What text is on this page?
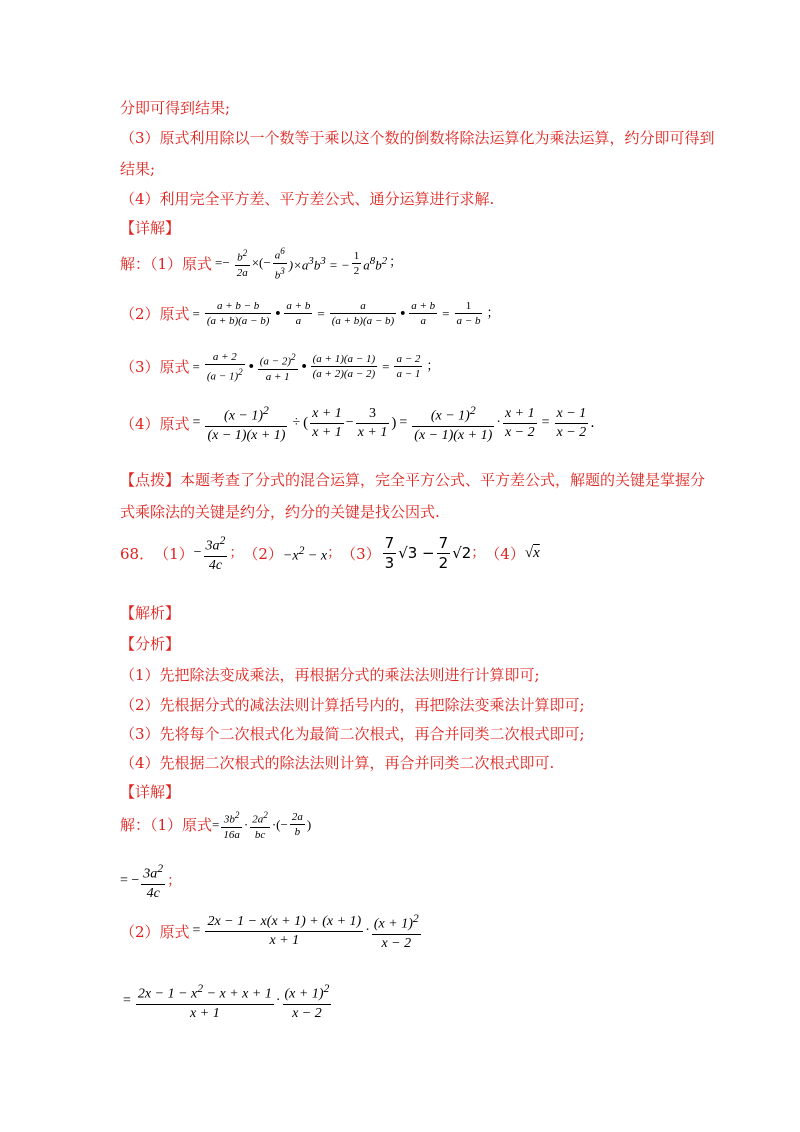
分即可得到结果;
（3）原式利用除以一个数等于乘以这个数的倒数将除法运算化为乘法运算，约分即可得到
结果;
（4）利用完全平方差、平方差公式、通分运算进行求解.
【详解】
解：（1）原式 =− $\frac{b^2}{2a}$ ×(− $\frac{a^6}{b^3} )\times a^3b^3$ = − $\frac{1}{2} a^8b^2$ ；
（2）原式 = $\frac{a + b - b}{(a + b)(a - b)}$ • $\frac{a + b}{a} = \frac{a}{(a + b)(a - b)}$ • $\frac{a + b}{a} = \frac{1}{a - b}$ ；
（3）原式 = $\frac{a + 2}{(a - 1)^2}$ • $\frac{(a - 2)^2}{a + 1}$ • $\frac{(a + 1)(a - 1)}{(a + 2)(a - 2)} = \frac{a - 2}{a - 1}$ ；
（4）原式 = $\frac{(x - 1)^2}{(x - 1)(x + 1)}$ ÷ ( $\frac{x + 1}{x + 1} - \frac{3}{x + 1}$ ) = $\frac{(x - 1)^2}{(x - 1)(x + 1)} \cdot \frac{x + 1}{x - 2} = \frac{x - 1}{x - 2}$ .
【点拨】本题考查了分式的混合运算，完全平方公式、平方差公式，解题的关键是掌握分
式乘除法的关键是约分，约分的关键是找公因式.
68． $(1) - \frac{3a^2}{4c}$ ； $(2) -x^2 - x$ ； $(3) \frac{7}{3} √3 - \frac{7}{2} √2$ ； （4） √x
【解析】
【分析】
（1）先把除法变成乘法，再根据分式的乘法法则进行计算即可;
（2）先根据分式的减法法则计算括号内的，再把除法变乘法计算即可;
（3）先将每个二次根式化为最简二次根式，再合并同类二次根式即可;
（4）先根据二次根式的除法法则计算，再合并同类二次根式即可.
【详解】
解：（1）原式 = $\frac{3b^2}{16a} \cdot \frac{2a^2}{bc}$ ·(− $\frac{2a}{b}$ )
= − $\frac{3a^2}{4c}$ ；
（2）原式 = $\frac{2x - 1 - x(x + 1) + (x + 1)}{x + 1} \cdot \frac{(x + 1)^2}{x - 2}$
= $\frac{2x - 1 - x^2 - x + x + 1}{x + 1} \cdot \frac{(x + 1)^2}{x - 2}$
